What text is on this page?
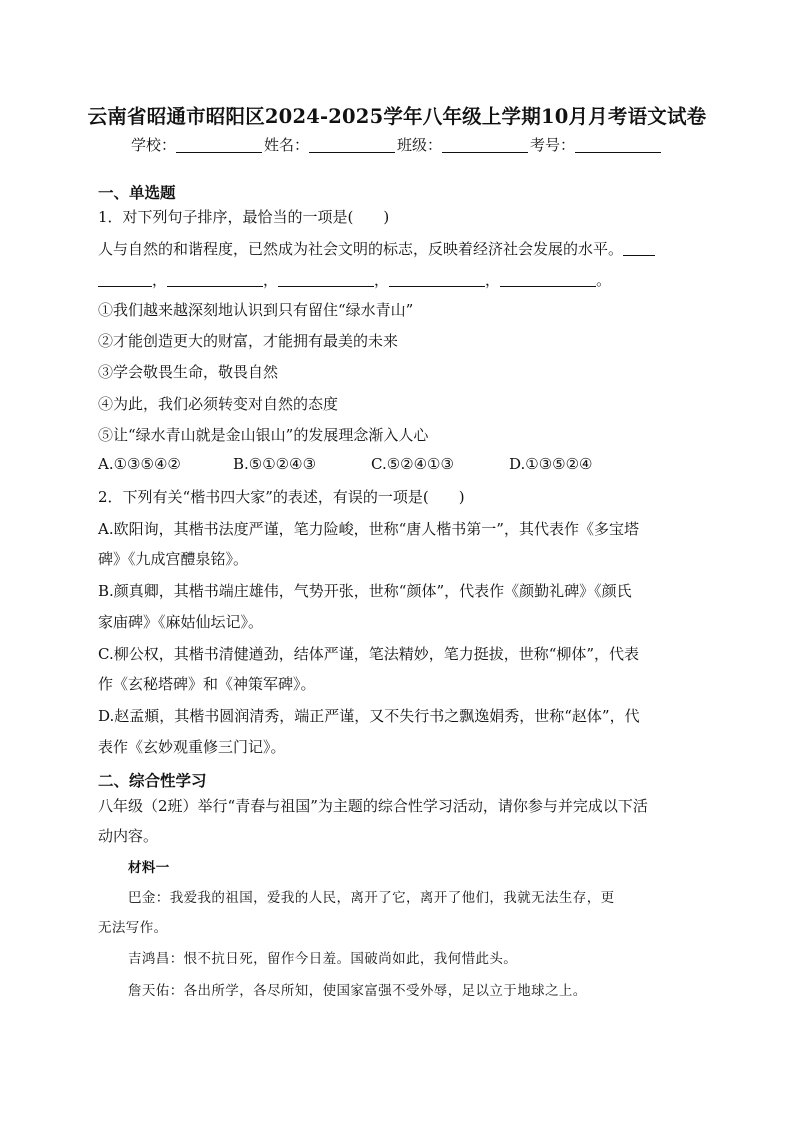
云南省昭通市昭阳区2024-2025学年八年级上学期10月月考语文试卷
学校：	姓名：	班级：	考号：
一、单选题
1．对下列句子排序，最恰当的一项是(　　)
人与自然的和谐程度，已然成为社会文明的标志，反映着经济社会发展的水平。
，	，	，	，	。
①我们越来越深刻地认识到只有留住“绿水青山”
②才能创造更大的财富，才能拥有最美的未来
③学会敬畏生命，敬畏自然
④为此，我们必须转变对自然的态度
⑤让“绿水青山就是金山银山”的发展理念渐入人心
A.①③⑤④②	B.⑤①②④③	C.⑤②④①③	D.①③⑤②④
2．下列有关“楷书四大家”的表述，有误的一项是(　　)
A.欧阳询，其楷书法度严谨，笔力险峻，世称“唐人楷书第一”，其代表作《多宝塔
碑》《九成宫醴泉铭》。
B.颜真卿，其楷书端庄雄伟，气势开张，世称“颜体”，代表作《颜勤礼碑》《颜氏
家庙碑》《麻姑仙坛记》。
C.柳公权，其楷书清健遒劲，结体严谨，笔法精妙，笔力挺拔，世称“柳体”，代表
作《玄秘塔碑》和《神策军碑》。
D.赵孟頫，其楷书圆润清秀，端正严谨，又不失行书之飘逸娟秀，世称“赵体”，代
表作《玄妙观重修三门记》。
二、综合性学习
八年级（2班）举行“青春与祖国”为主题的综合性学习活动，请你参与并完成以下活
动内容。
材料一
巴金：我爱我的祖国，爱我的人民，离开了它，离开了他们，我就无法生存，更
无法写作。
吉鸿昌：恨不抗日死，留作今日羞。国破尚如此，我何惜此头。
詹天佑：各出所学，各尽所知，使国家富强不受外辱，足以立于地球之上。
